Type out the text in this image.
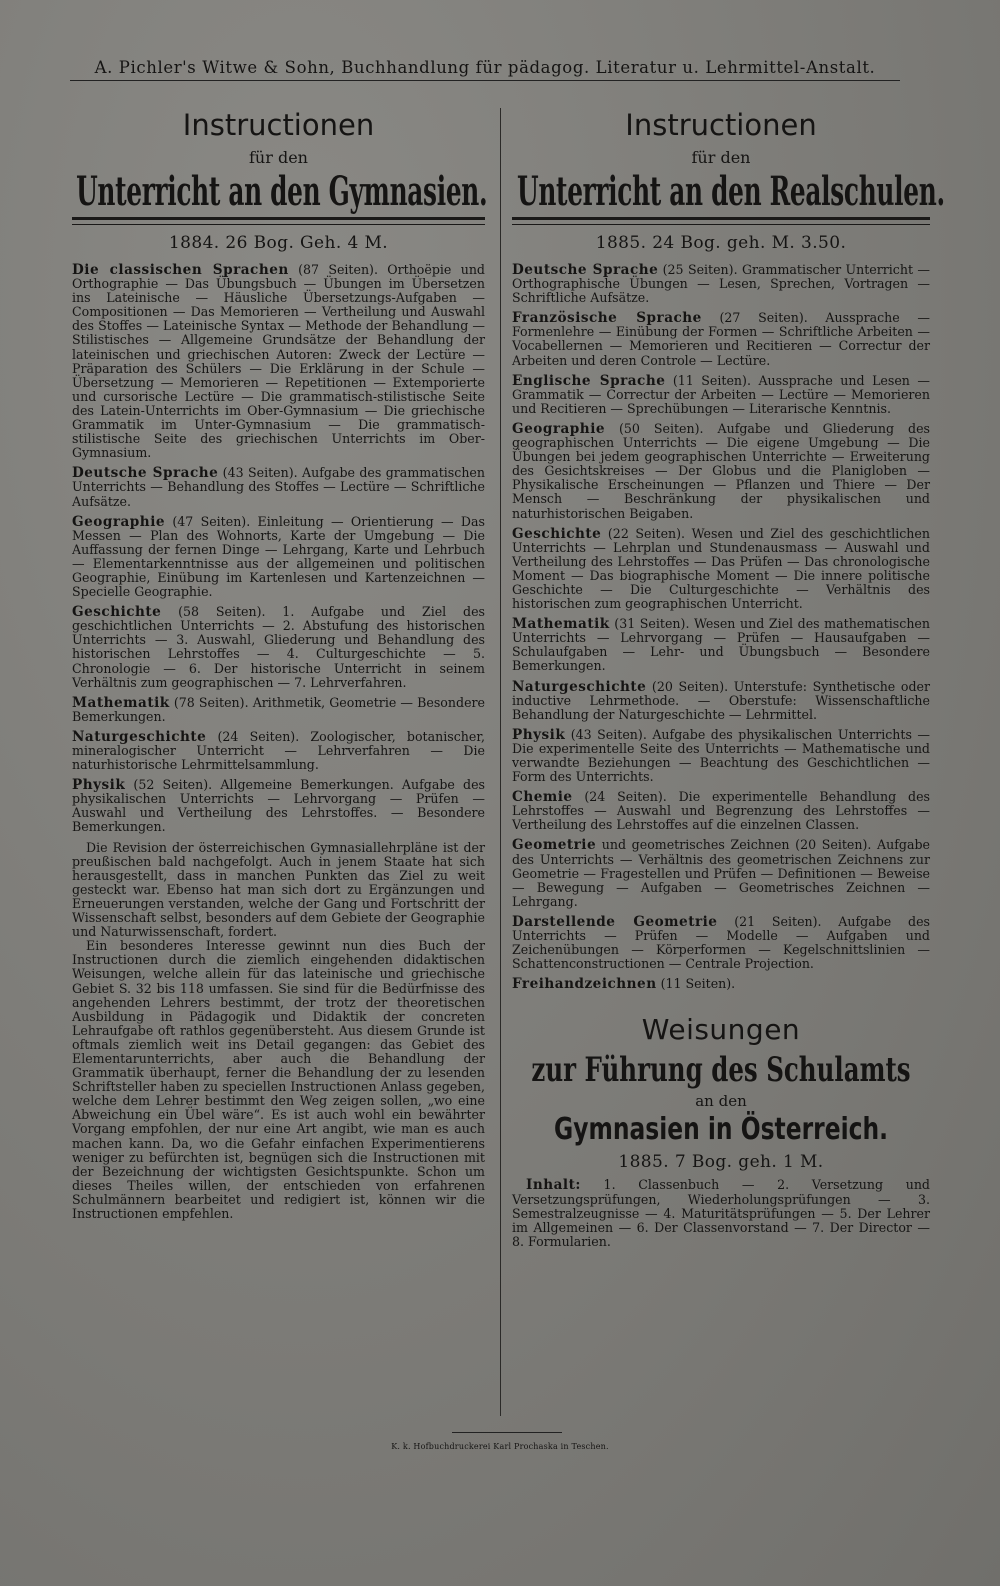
A. Pichler's Witwe & Sohn, Buchhandlung für pädagog. Literatur u. Lehrmittel-Anstalt.
Instructionen
für den
Unterricht an den Gymnasien.
1884. 26 Bog. Geh. 4 M.

Die classischen Sprachen (87 Seiten). Orthoëpie und Orthographie — Das Übungsbuch — Übungen im Übersetzen ins Lateinische — Häusliche Übersetzungs-Aufgaben — Compositionen — Das Memorieren — Vertheilung und Auswahl des Stoffes — Lateinische Syntax — Methode der Behandlung — Stilistisches — Allgemeine Grundsätze der Behandlung der lateinischen und griechischen Autoren: Zweck der Lectüre — Präparation des Schülers — Die Erklärung in der Schule — Übersetzung — Memorieren — Repetitionen — Extemporierte und cursorische Lectüre — Die grammatisch-stilistische Seite des Latein-Unterrichts im Ober-Gymnasium — Die griechische Grammatik im Unter-Gymnasium — Die grammatisch-stilistische Seite des griechischen Unterrichts im Ober-Gymnasium.

Deutsche Sprache (43 Seiten). Aufgabe des grammatischen Unterrichts — Behandlung des Stoffes — Lectüre — Schriftliche Aufsätze.

Geographie (47 Seiten). Einleitung — Orientierung — Das Messen — Plan des Wohnorts, Karte der Umgebung — Die Auffassung der fernen Dinge — Lehrgang, Karte und Lehrbuch — Elementarkenntnisse aus der allgemeinen und politischen Geographie, Einübung im Kartenlesen und Kartenzeichnen — Specielle Geographie.

Geschichte (58 Seiten). 1. Aufgabe und Ziel des geschichtlichen Unterrichts — 2. Abstufung des historischen Unterrichts — 3. Auswahl, Gliederung und Behandlung des historischen Lehrstoffes — 4. Culturgeschichte — 5. Chronologie — 6. Der historische Unterricht in seinem Verhältnis zum geographischen — 7. Lehrverfahren.

Mathematik (78 Seiten). Arithmetik, Geometrie — Besondere Bemerkungen.

Naturgeschichte (24 Seiten). Zoologischer, botanischer, mineralogischer Unterricht — Lehrverfahren — Die naturhistorische Lehrmittelsammlung.

Physik (52 Seiten). Allgemeine Bemerkungen. Aufgabe des physikalischen Unterrichts — Lehrvorgang — Prüfen — Auswahl und Vertheilung des Lehrstoffes. — Besondere Bemerkungen.

Die Revision der österreichischen Gymnasiallehrpläne ist der preußischen bald nachgefolgt. Auch in jenem Staate hat sich herausgestellt, dass in manchen Punkten das Ziel zu weit gesteckt war. Ebenso hat man sich dort zu Ergänzungen und Erneuerungen verstanden, welche der Gang und Fortschritt der Wissenschaft selbst, besonders auf dem Gebiete der Geographie und Naturwissenschaft, fordert.

Ein besonderes Interesse gewinnt nun dies Buch der Instructionen durch die ziemlich eingehenden didaktischen Weisungen, welche allein für das lateinische und griechische Gebiet S. 32 bis 118 umfassen. Sie sind für die Bedürfnisse des angehenden Lehrers bestimmt, der trotz der theoretischen Ausbildung in Pädagogik und Didaktik der concreten Lehraufgabe oft rathlos gegenübersteht. Aus diesem Grunde ist oftmals ziemlich weit ins Detail gegangen: das Gebiet des Elementarunterrichts, aber auch die Behandlung der Grammatik überhaupt, ferner die Behandlung der zu lesenden Schriftsteller haben zu speciellen Instructionen Anlass gegeben, welche dem Lehrer bestimmt den Weg zeigen sollen, „wo eine Abweichung ein Übel wäre“. Es ist auch wohl ein bewährter Vorgang empfohlen, der nur eine Art angibt, wie man es auch machen kann. Da, wo die Gefahr einfachen Experimentierens weniger zu befürchten ist, begnügen sich die Instructionen mit der Bezeichnung der wichtigsten Gesichtspunkte. Schon um dieses Theiles willen, der entschieden von erfahrenen Schulmännern bearbeitet und redigiert ist, können wir die Instructionen empfehlen.

Instructionen
für den
Unterricht an den Realschulen.
1885. 24 Bog. geh. M. 3.50.

Deutsche Sprache (25 Seiten). Grammatischer Unterricht — Orthographische Übungen — Lesen, Sprechen, Vortragen — Schriftliche Aufsätze.

Französische Sprache (27 Seiten). Aussprache — Formenlehre — Einübung der Formen — Schriftliche Arbeiten — Vocabellernen — Memorieren und Recitieren — Correctur der Arbeiten und deren Controle — Lectüre.

Englische Sprache (11 Seiten). Aussprache und Lesen — Grammatik — Correctur der Arbeiten — Lectüre — Memorieren und Recitieren — Sprechübungen — Literarische Kenntnis.

Geographie (50 Seiten). Aufgabe und Gliederung des geographischen Unterrichts — Die eigene Umgebung — Die Übungen bei jedem geographischen Unterrichte — Erweiterung des Gesichtskreises — Der Globus und die Planigloben — Physikalische Erscheinungen — Pflanzen und Thiere — Der Mensch — Beschränkung der physikalischen und naturhistorischen Beigaben.

Geschichte (22 Seiten). Wesen und Ziel des geschichtlichen Unterrichts — Lehrplan und Stundenausmass — Auswahl und Vertheilung des Lehrstoffes — Das Prüfen — Das chronologische Moment — Das biographische Moment — Die innere politische Geschichte — Die Culturgeschichte — Verhältnis des historischen zum geographischen Unterricht.

Mathematik (31 Seiten). Wesen und Ziel des mathematischen Unterrichts — Lehrvorgang — Prüfen — Hausaufgaben — Schulaufgaben — Lehr- und Übungsbuch — Besondere Bemerkungen.

Naturgeschichte (20 Seiten). Unterstufe: Synthetische oder inductive Lehrmethode. — Oberstufe: Wissenschaftliche Behandlung der Naturgeschichte — Lehrmittel.

Physik (43 Seiten). Aufgabe des physikalischen Unterrichts — Die experimentelle Seite des Unterrichts — Mathematische und verwandte Beziehungen — Beachtung des Geschichtlichen — Form des Unterrichts.

Chemie (24 Seiten). Die experimentelle Behandlung des Lehrstoffes — Auswahl und Begrenzung des Lehrstoffes — Vertheilung des Lehrstoffes auf die einzelnen Classen.

Geometrie und geometrisches Zeichnen (20 Seiten). Aufgabe des Unterrichts — Verhältnis des geometrischen Zeichnens zur Geometrie — Fragestellen und Prüfen — Definitionen — Beweise — Bewegung — Aufgaben — Geometrisches Zeichnen — Lehrgang.

Darstellende Geometrie (21 Seiten). Aufgabe des Unterrichts — Prüfen — Modelle — Aufgaben und Zeichenübungen — Körperformen — Kegelschnittslinien — Schattenconstructionen — Centrale Projection.

Freihandzeichnen (11 Seiten).

Weisungen
zur Führung des Schulamts
an den
Gymnasien in Österreich.
1885. 7 Bog. geh. 1 M.

Inhalt: 1. Classenbuch — 2. Versetzung und Versetzungsprüfungen, Wiederholungsprüfungen — 3. Semestralzeugnisse — 4. Maturitätsprüfungen — 5. Der Lehrer im Allgemeinen — 6. Der Classenvorstand — 7. Der Director — 8. Formularien.

K. k. Hofbuchdruckerei Karl Prochaska in Teschen.
